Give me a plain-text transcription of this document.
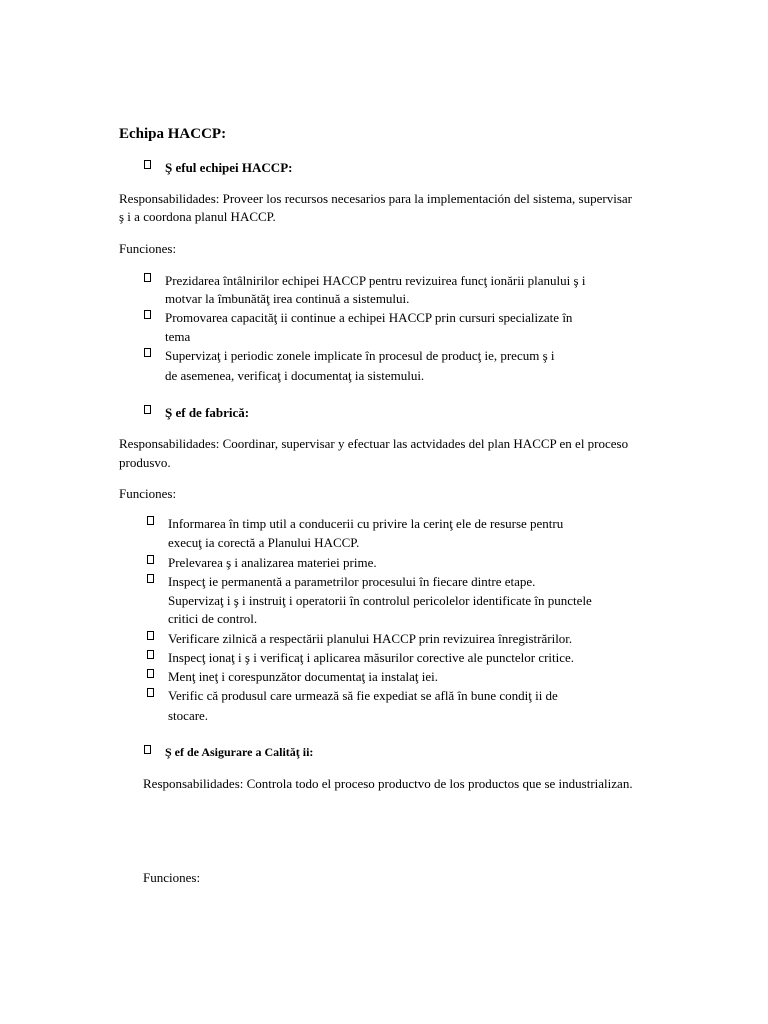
Echipa HACCP:
Ş eful echipei HACCP:
Responsabilidades: Proveer los recursos necesarios para la implementación del sistema, supervisar
ş i a coordona planul HACCP.
Funciones:
Prezidarea întâlnirilor echipei HACCP pentru revizuirea funcţ ionării planului ş i
motvar la îmbunătăţ irea continuă a sistemului.
Promovarea capacităţ ii continue a echipei HACCP prin cursuri specializate în
tema
Supervizaţ i periodic zonele implicate în procesul de producţ ie, precum ş i
de asemenea, verificaţ i documentaţ ia sistemului.
Ş ef de fabrică:
Responsabilidades: Coordinar, supervisar y efectuar las actvidades del plan HACCP en el proceso
produsvo.
Funciones:
Informarea în timp util a conducerii cu privire la cerinţ ele de resurse pentru
execuţ ia corectă a Planului HACCP.
Prelevarea ş i analizarea materiei prime.
Inspecţ ie permanentă a parametrilor procesului în fiecare dintre etape.
Supervizaţ i ş i instruiţ i operatorii în controlul pericolelor identificate în punctele
critici de control.
Verificare zilnică a respectării planului HACCP prin revizuirea înregistrărilor.
Inspecţ ionaţ i ş i verificaţ i aplicarea măsurilor corective ale punctelor critice.
Menţ ineţ i corespunzător documentaţ ia instalaţ iei.
Verific că produsul care urmează să fie expediat se află în bune condiţ ii de
stocare.
Ş ef de Asigurare a Calităţ ii:
Responsabilidades: Controla todo el proceso productvo de los productos que se industrializan.
Funciones:
